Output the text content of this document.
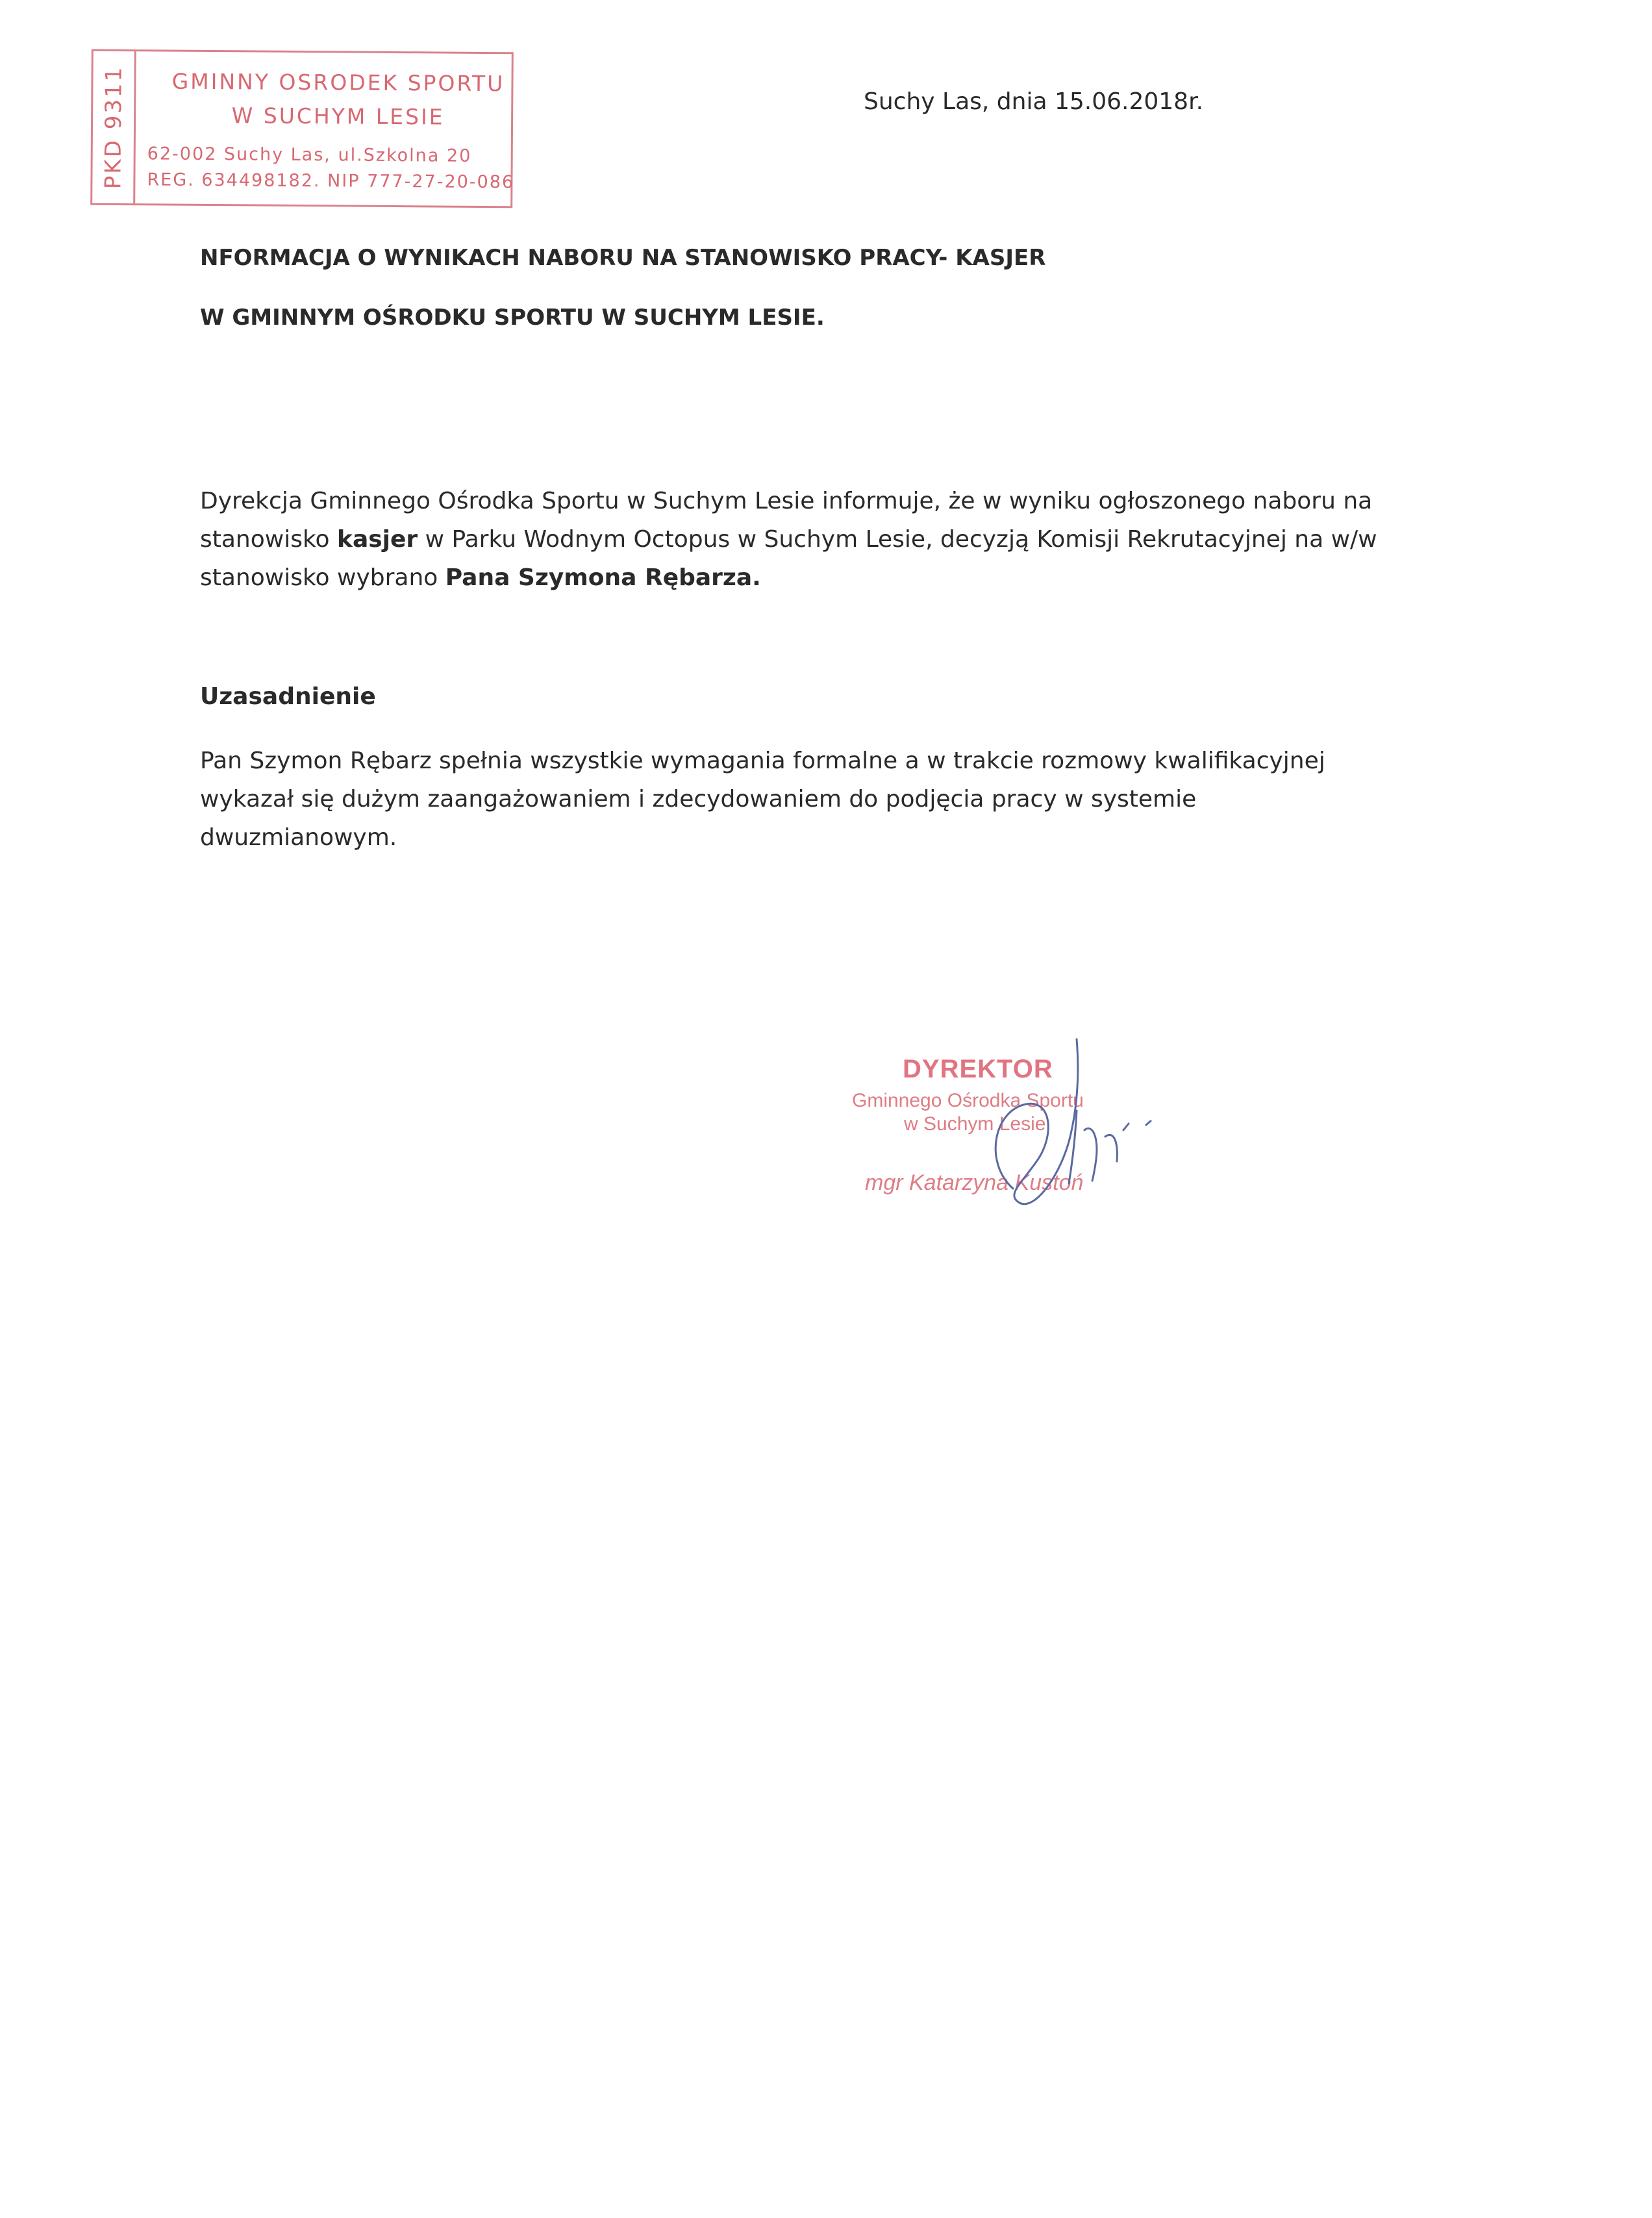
PKD 9311	GMINNY OSRODEK SPORTU
W SUCHYM LESIE
62-002 Suchy Las, ul.Szkolna 20
REG. 634498182. NIP 777-27-20-086
Suchy Las, dnia 15.06.2018r.
NFORMACJA O WYNIKACH NABORU NA STANOWISKO PRACY- KASJER
W GMINNYM OŚRODKU SPORTU W SUCHYM LESIE.
Dyrekcja Gminnego Ośrodka Sportu w Suchym Lesie informuje, że w wyniku ogłoszonego naboru na
stanowisko kasjer w Parku Wodnym Octopus w Suchym Lesie, decyzją Komisji Rekrutacyjnej na w/w
stanowisko wybrano Pana Szymona Rębarza.
Uzasadnienie
Pan Szymon Rębarz spełnia wszystkie wymagania formalne a w trakcie rozmowy kwalifikacyjnej
wykazał się dużym zaangażowaniem i zdecydowaniem do podjęcia pracy w systemie
dwuzmianowym.
DYREKTOR
Gminnego Ośrodka Sportu
w Suchym Lesie
mgr Katarzyna Kustoń
